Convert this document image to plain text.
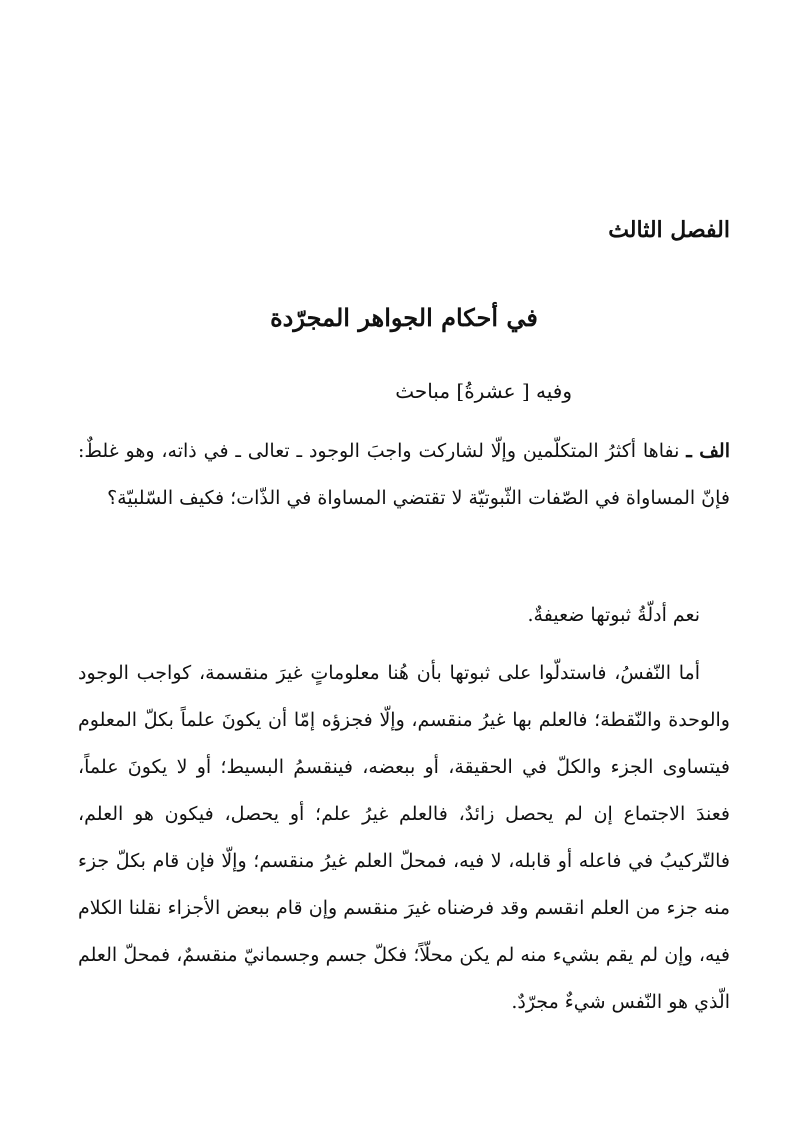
الفصل الثالث
في أحكام الجواهر المجرّدة

وفيه [ عشرةُ] مباحث

الف ـ نفاها أكثرُ المتكلّمين وإلّا لشاركت واجبَ الوجود ـ تعالى ـ في ذاته، وهو غلطٌ: فإنّ المساواة في الصّفات الثّبوتيّة لا تقتضي المساواة في الذّات؛ فكيف السّلبيّة؟

نعم أدلّةُ ثبوتها ضعيفةٌ.

أما النّفسُ، فاستدلّوا على ثبوتها بأن هُنا معلوماتٍ غيرَ منقسمة، كواجب الوجود والوحدة والنّقطة؛ فالعلم بها غيرُ منقسم، وإلّا فجزؤه إمّا أن يكونَ علماً بكلّ المعلوم فيتساوى الجزء والكلّ في الحقيقة، أو ببعضه، فينقسمُ البسيط؛ أو لا يكونَ علماً، فعندَ الاجتماع إن لم يحصل زائدٌ، فالعلم غيرُ علم؛ أو يحصل، فيكون هو العلم، فالتّركيبُ في فاعله أو قابله، لا فيه، فمحلّ العلم غيرُ منقسم؛ وإلّا فإن قام بكلّ جزء منه جزء من العلم انقسم وقد فرضناه غيرَ منقسم وإن قام ببعض الأجزاء نقلنا الكلام فيه، وإن لم يقم بشيء منه لم يكن محلّاً؛ فكلّ جسم وجسمانيّ منقسمٌ، فمحلّ العلم الّذي هو النّفس شيءٌ مجرّدٌ.
